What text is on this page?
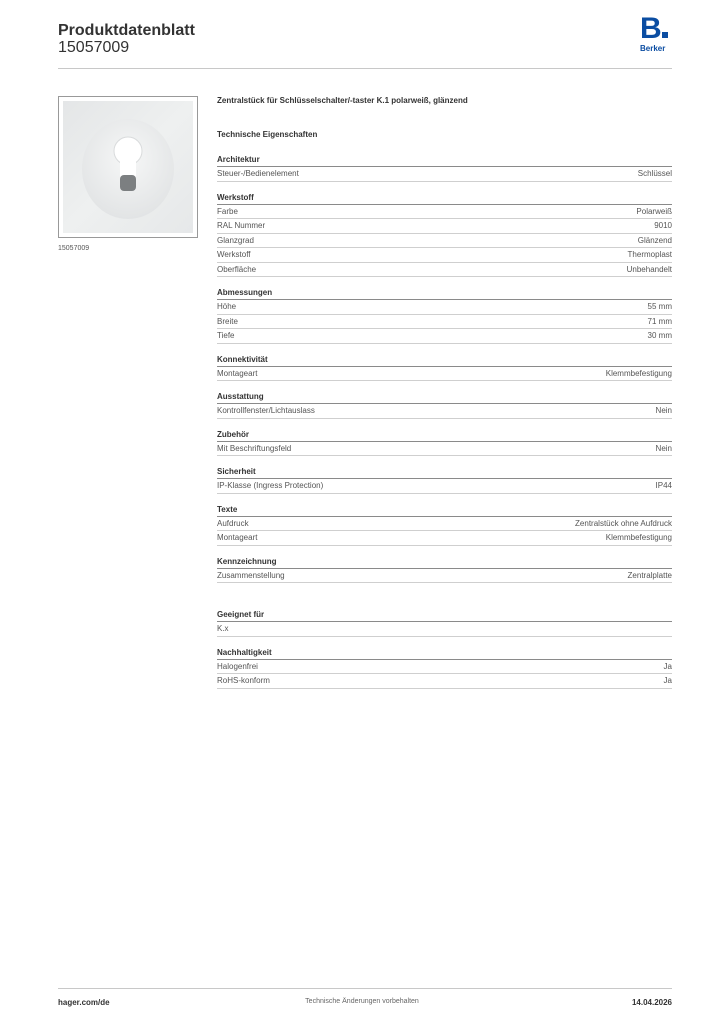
Produktdatenblatt
15057009
B
Berker
15057009
Zentralstück für Schlüsselschalter/-taster K.1 polarweiß, glänzend
Technische Eigenschaften
Architektur
Steuer-/Bedienelement	Schlüssel
Werkstoff
Farbe	Polarweiß
RAL Nummer	9010
Glanzgrad	Glänzend
Werkstoff	Thermoplast
Oberfläche	Unbehandelt
Abmessungen
Höhe	55 mm
Breite	71 mm
Tiefe	30 mm
Konnektivität
Montageart	Klemmbefestigung
Ausstattung
Kontrollfenster/Lichtauslass	Nein
Zubehör
Mit Beschriftungsfeld	Nein
Sicherheit
IP-Klasse (Ingress Protection)	IP44
Texte
Aufdruck	Zentralstück ohne Aufdruck
Montageart	Klemmbefestigung
Kennzeichnung
Zusammenstellung	Zentralplatte
Geeignet für
K.x
Nachhaltigkeit
Halogenfrei	Ja
RoHS-konform	Ja
hager.com/de	Technische Änderungen vorbehalten	14.04.2026
